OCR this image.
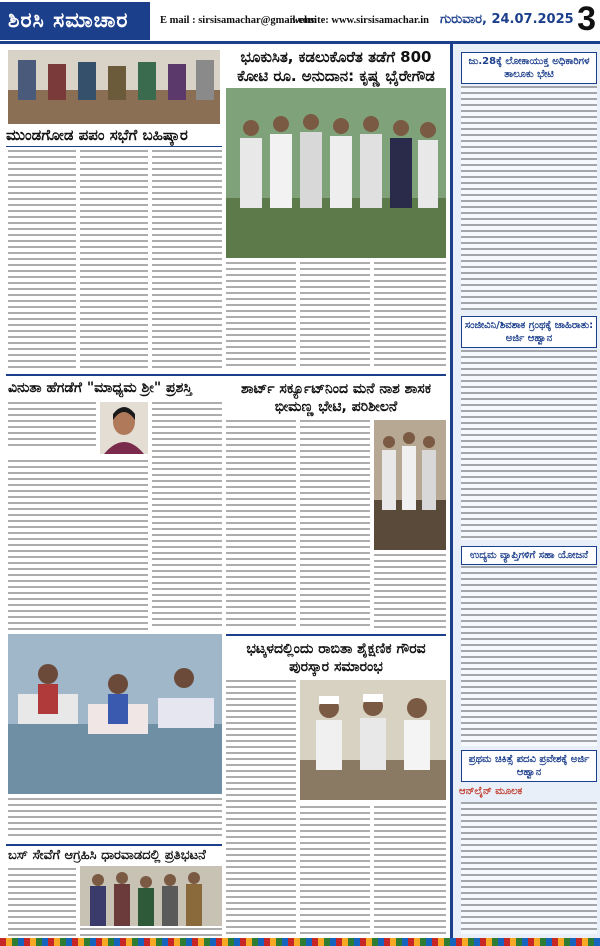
ಶಿರಸಿ ಸಮಾಚಾರ	E mail : sirsisamachar@gmail.com
website: www.sirsisamachar.in ಗುರುವಾರ, 24.07.2025 3
ಮುಂಡಗೋಡ ಪಪಂ ಸಭೆಗೆ ಬಹಿಷ್ಕಾರ
ವಿನುತಾ ಹೆಗಡೆಗೆ "ಮಾಧ್ಯಮ ಶ್ರೀ" ಪ್ರಶಸ್ತಿ
ಬಸ್ ಸೇವೆಗೆ ಆಗ್ರಹಿಸಿ ಧಾರವಾಡದಲ್ಲಿ ಪ್ರತಿಭಟನೆ
ಭೂಕುಸಿತ, ಕಡಲುಕೊರೆತ ತಡೆಗೆ 800 ಕೋಟಿ ರೂ. ಅನುದಾನ: ಕೃಷ್ಣ ಭೈರೇಗೌಡ
ಶಾರ್ಟ್ ಸರ್ಕ್ಯೂಟ್‌ನಿಂದ ಮನೆ ನಾಶ ಶಾಸಕ ಭೀಮಣ್ಣ ಭೇಟಿ, ಪರಿಶೀಲನೆ
ಭಟ್ಕಳದಲ್ಲಿಂದು ರಾಬಿತಾ ಶೈಕ್ಷಣಿಕ ಗೌರವ ಪುರಸ್ಕಾರ ಸಮಾರಂಭ
ಜು.28ಕ್ಕೆ ಲೋಕಾಯುಕ್ತ ಅಧಿಕಾರಿಗಳ ತಾಲೂಕು ಭೇಟಿ
ಸಂಜೀವಿನಿ/ಶಿವಶಾಕ ಗ್ರಂಥಕ್ಕೆ ಜಾಹಿರಾತು: ಅರ್ಜಿ ಆಹ್ವಾನ
ಉದ್ಯಮ ವ್ಯಾಪ್ತಿಗಳಿಗೆ ಸಹಾ ಯೋಜನೆ
ಪ್ರಥಮ ಚಿಕಿತ್ಸೆ ಪದವಿ ಪ್ರವೇಶಕ್ಕೆ ಅರ್ಜಿ ಆಹ್ವಾನ
ಆನ್‌ಲೈನ್ ಮೂಲಕ
